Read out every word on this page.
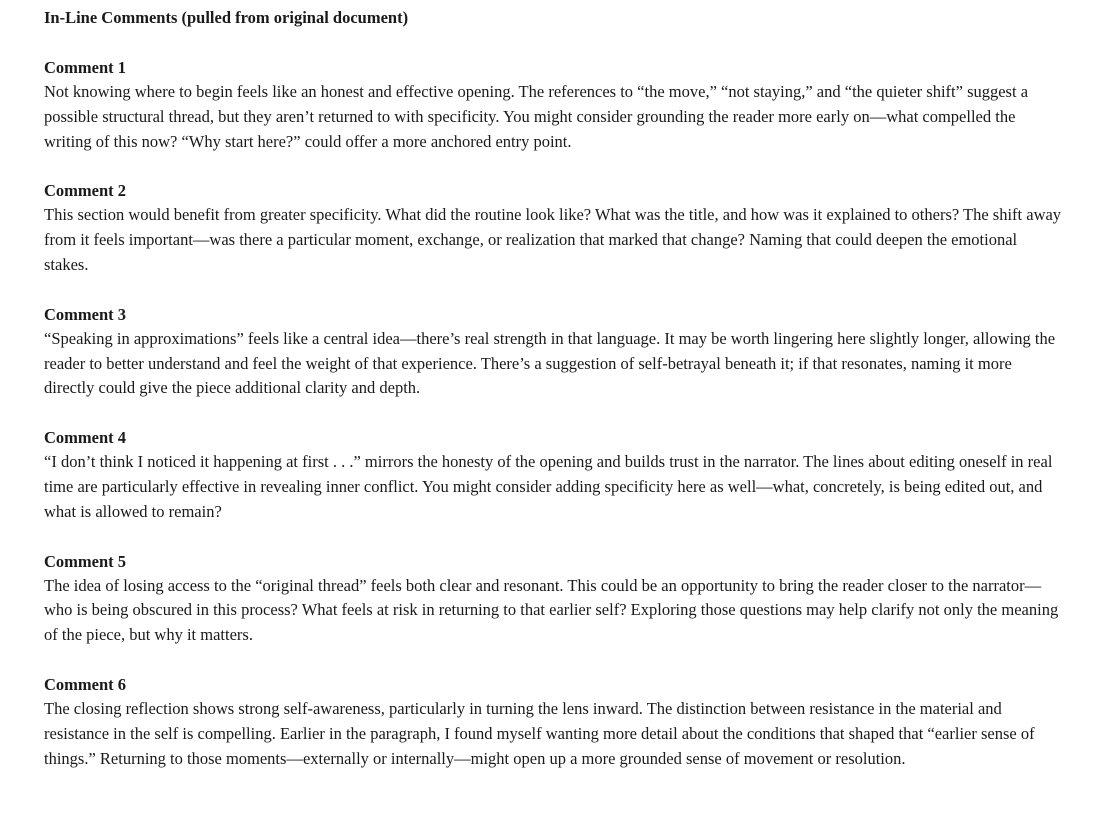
In-Line Comments (pulled from original document)

Comment 1

Not knowing where to begin feels like an honest and effective opening. The references to “the move,” “not staying,” and “the quieter shift” suggest a possible structural thread, but they aren’t returned to with specificity. You might consider grounding the reader more early on—what compelled the writing of this now? “Why start here?” could offer a more anchored entry point.

Comment 2

This section would benefit from greater specificity. What did the routine look like? What was the title, and how was it explained to others? The shift away from it feels important—was there a particular moment, exchange, or realization that marked that change? Naming that could deepen the emotional stakes.

Comment 3

“Speaking in approximations” feels like a central idea—there’s real strength in that language. It may be worth lingering here slightly longer, allowing the reader to better understand and feel the weight of that experience. There’s a suggestion of self-betrayal beneath it; if that resonates, naming it more directly could give the piece additional clarity and depth.

Comment 4

“I don’t think I noticed it happening at first . . .” mirrors the honesty of the opening and builds trust in the narrator. The lines about editing oneself in real time are particularly effective in revealing inner conflict. You might consider adding specificity here as well—what, concretely, is being edited out, and what is allowed to remain?

Comment 5

The idea of losing access to the “original thread” feels both clear and resonant. This could be an opportunity to bring the reader closer to the narrator—who is being obscured in this process? What feels at risk in returning to that earlier self? Exploring those questions may help clarify not only the meaning of the piece, but why it matters.

Comment 6

The closing reflection shows strong self-awareness, particularly in turning the lens inward. The distinction between resistance in the material and resistance in the self is compelling. Earlier in the paragraph, I found myself wanting more detail about the conditions that shaped that “earlier sense of things.” Returning to those moments—externally or internally—might open up a more grounded sense of movement or resolution.
